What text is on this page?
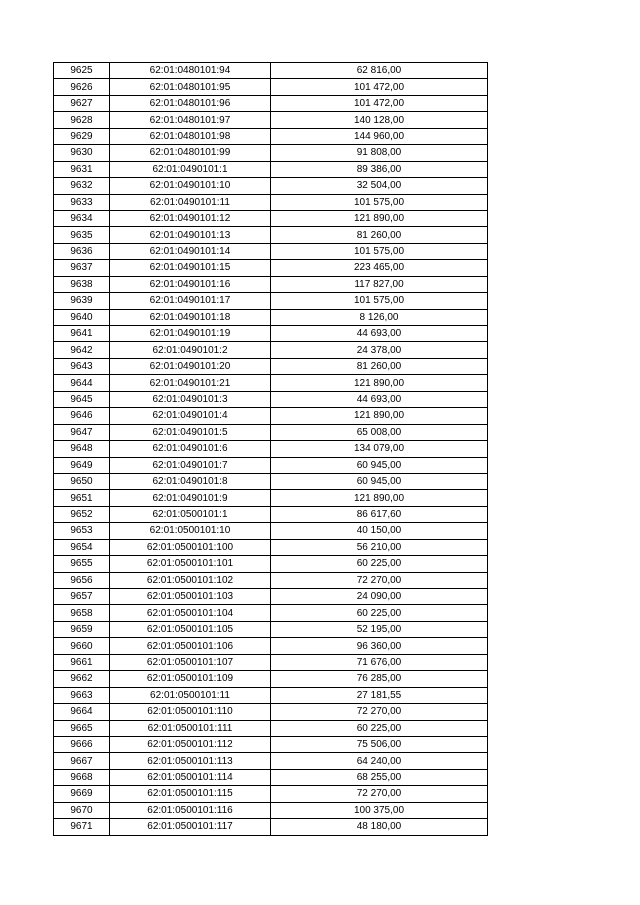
9625	62:01:0480101:94	62 816,00
9626	62:01:0480101:95	101 472,00
9627	62:01:0480101:96	101 472,00
9628	62:01:0480101:97	140 128,00
9629	62:01:0480101:98	144 960,00
9630	62:01:0480101:99	91 808,00
9631	62:01:0490101:1	89 386,00
9632	62:01:0490101:10	32 504,00
9633	62:01:0490101:11	101 575,00
9634	62:01:0490101:12	121 890,00
9635	62:01:0490101:13	81 260,00
9636	62:01:0490101:14	101 575,00
9637	62:01:0490101:15	223 465,00
9638	62:01:0490101:16	117 827,00
9639	62:01:0490101:17	101 575,00
9640	62:01:0490101:18	8 126,00
9641	62:01:0490101:19	44 693,00
9642	62:01:0490101:2	24 378,00
9643	62:01:0490101:20	81 260,00
9644	62:01:0490101:21	121 890,00
9645	62:01:0490101:3	44 693,00
9646	62:01:0490101:4	121 890,00
9647	62:01:0490101:5	65 008,00
9648	62:01:0490101:6	134 079,00
9649	62:01:0490101:7	60 945,00
9650	62:01:0490101:8	60 945,00
9651	62:01:0490101:9	121 890,00
9652	62:01:0500101:1	86 617,60
9653	62:01:0500101:10	40 150,00
9654	62:01:0500101:100	56 210,00
9655	62:01:0500101:101	60 225,00
9656	62:01:0500101:102	72 270,00
9657	62:01:0500101:103	24 090,00
9658	62:01:0500101:104	60 225,00
9659	62:01:0500101:105	52 195,00
9660	62:01:0500101:106	96 360,00
9661	62:01:0500101:107	71 676,00
9662	62:01:0500101:109	76 285,00
9663	62:01:0500101:11	27 181,55
9664	62:01:0500101:110	72 270,00
9665	62:01:0500101:111	60 225,00
9666	62:01:0500101:112	75 506,00
9667	62:01:0500101:113	64 240,00
9668	62:01:0500101:114	68 255,00
9669	62:01:0500101:115	72 270,00
9670	62:01:0500101:116	100 375,00
9671	62:01:0500101:117	48 180,00
